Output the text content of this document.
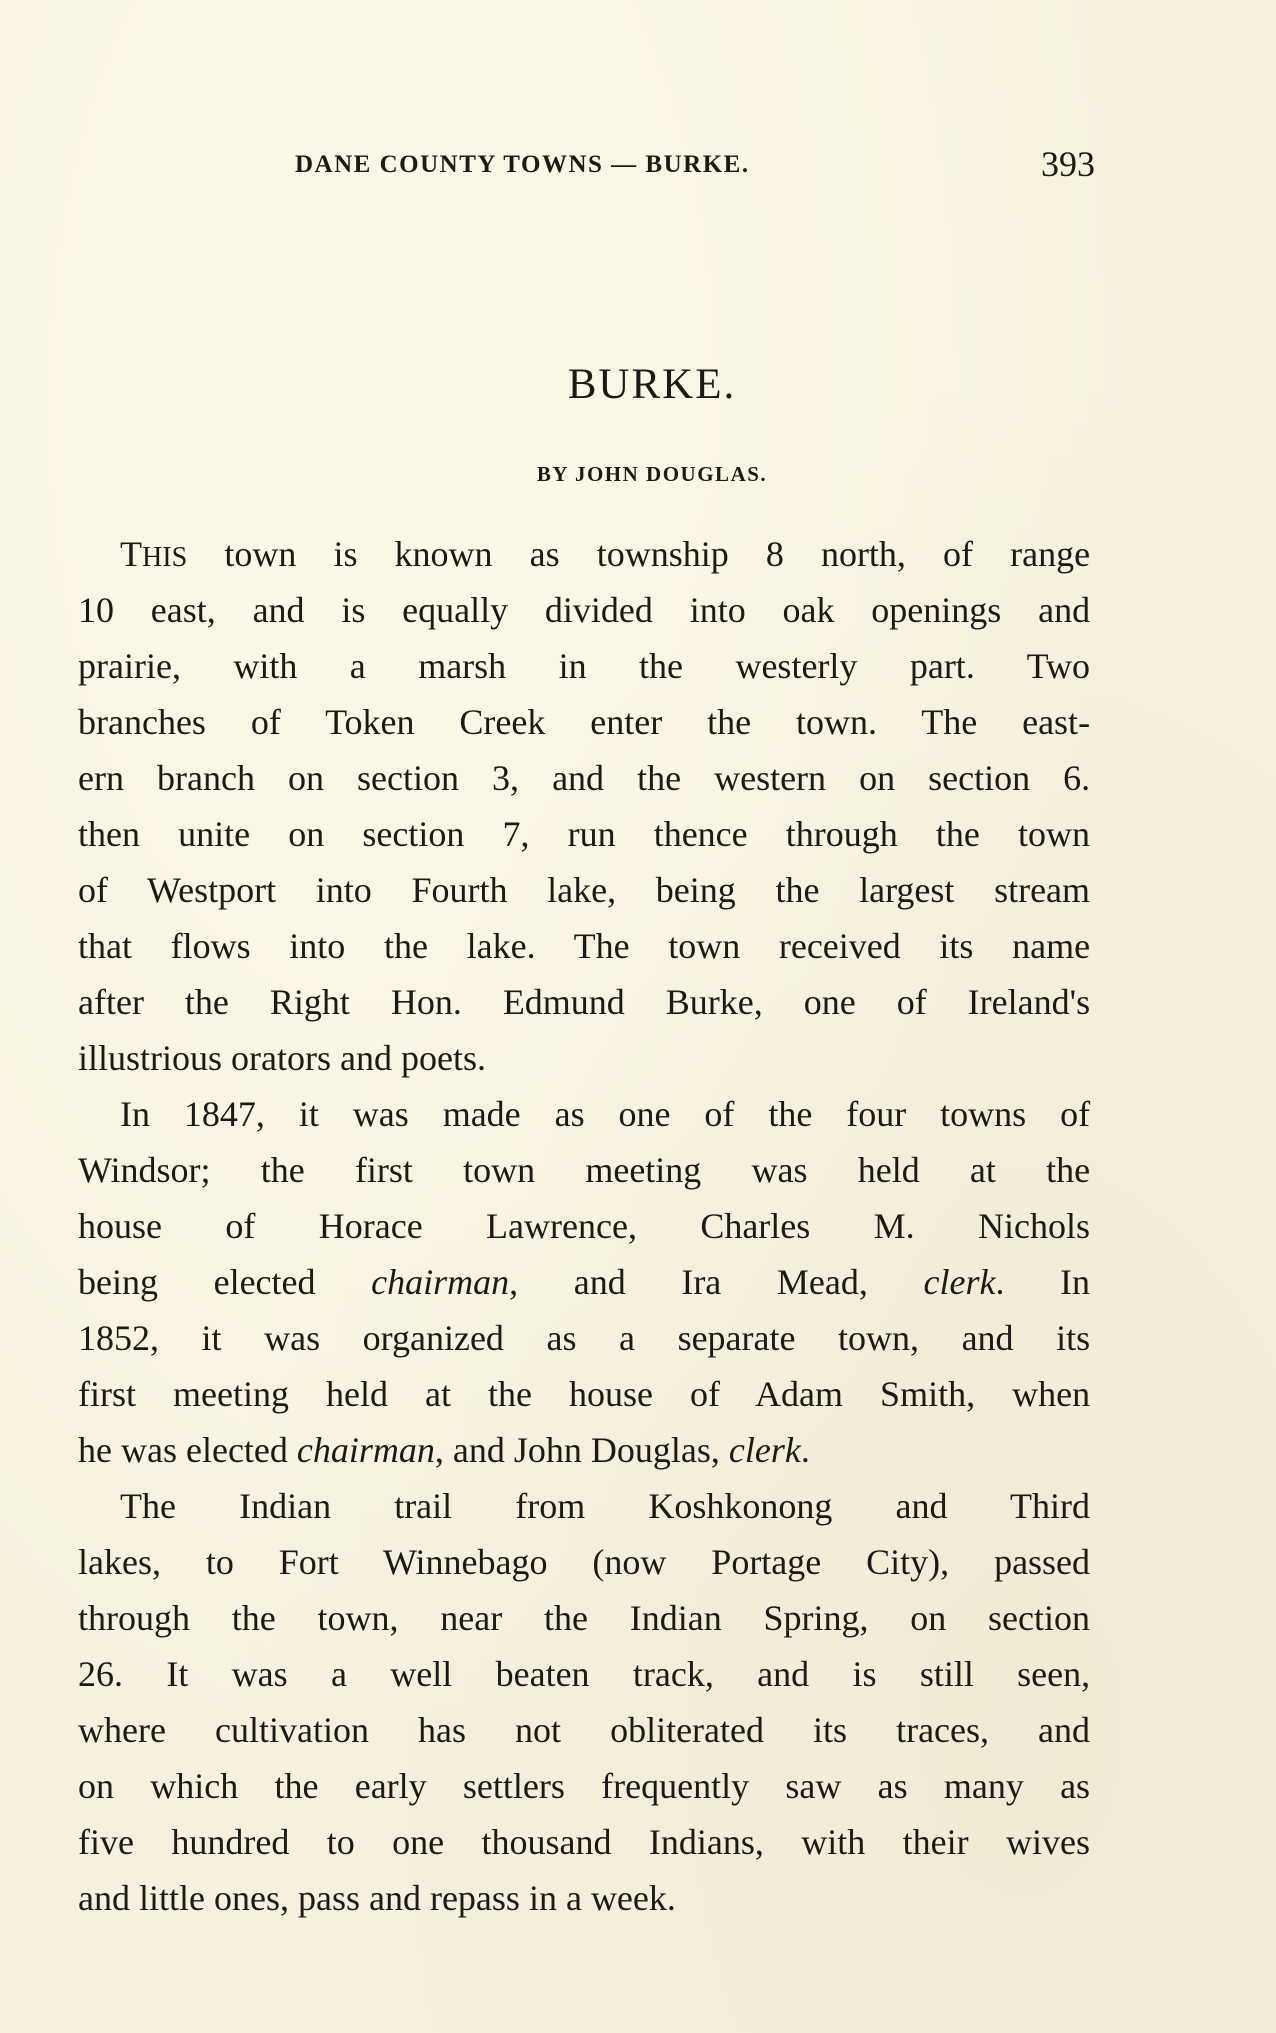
DANE COUNTY TOWNS — BURKE.	393
BURKE.
BY JOHN DOUGLAS.
THIS town is known as township 8 north, of range
10 east, and is equally divided into oak openings and
prairie, with a marsh in the westerly part. Two
branches of Token Creek enter the town. The east-
ern branch on section 3, and the western on section 6.
then unite on section 7, run thence through the town
of Westport into Fourth lake, being the largest stream
that flows into the lake. The town received its name
after the Right Hon. Edmund Burke, one of Ireland's
illustrious orators and poets.
In 1847, it was made as one of the four towns of
Windsor; the first town meeting was held at the
house of Horace Lawrence, Charles M. Nichols
being elected chairman, and Ira Mead, clerk. In
1852, it was organized as a separate town, and its
first meeting held at the house of Adam Smith, when
he was elected chairman, and John Douglas, clerk.
The Indian trail from Koshkonong and Third
lakes, to Fort Winnebago (now Portage City), passed
through the town, near the Indian Spring, on section
26. It was a well beaten track, and is still seen,
where cultivation has not obliterated its traces, and
on which the early settlers frequently saw as many as
five hundred to one thousand Indians, with their wives
and little ones, pass and repass in a week.
